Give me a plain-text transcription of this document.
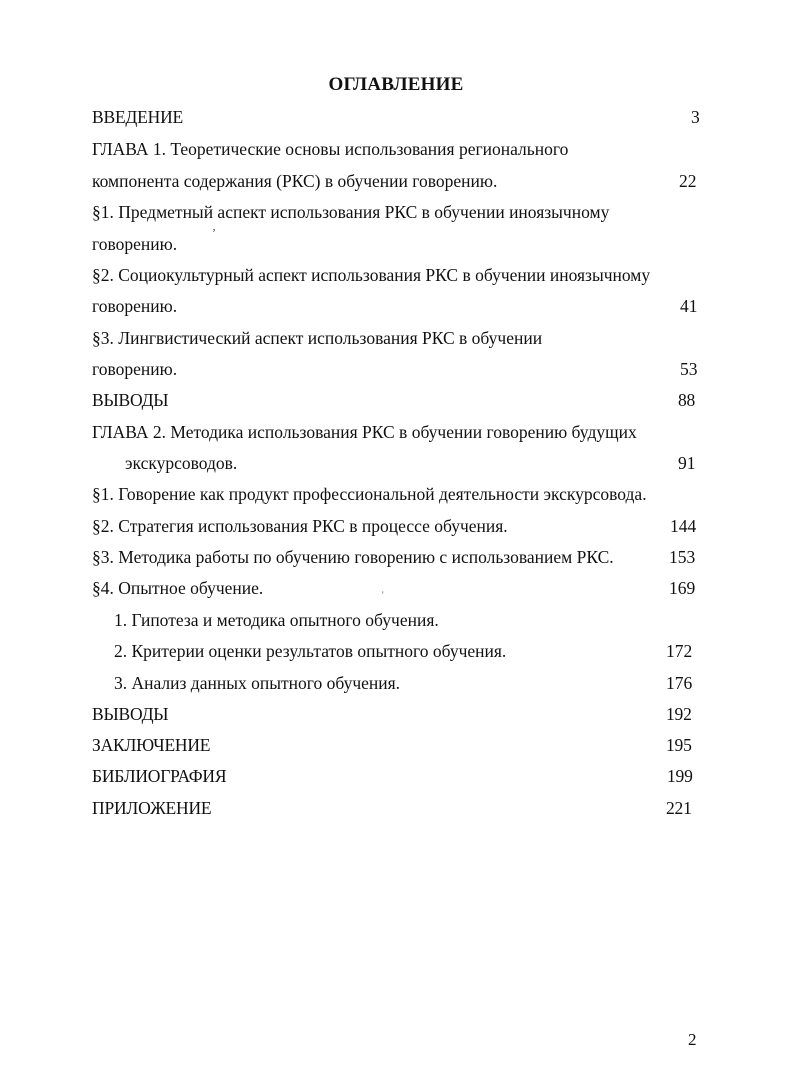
ОГЛАВЛЕНИЕ
ВВЕДЕНИЕ	3
ГЛАВА 1. Теоретические основы использования регионального
компонента содержания (РКС) в обучении говорению.	22
§1. Предметный аспект использования РКС в обучении иноязычному
говорению.
ʼ
§2. Социокультурный аспект использования РКС в обучении иноязычному
говорению.	41
§3. Лингвистический аспект использования РКС в обучении
говорению.	53
ВЫВОДЫ	88
ГЛАВА 2. Методика использования РКС в обучении говорению будущих
экскурсоводов.	91
§1. Говорение как продукт профессиональной деятельности экскурсовода.
§2. Стратегия использования РКС в процессе обучения.	144
§3. Методика работы по обучению говорению с использованием РКС.	153
§4. Опытное обучение.	169
'
1. Гипотеза и методика опытного обучения.
2. Критерии оценки результатов опытного обучения.	172
3. Анализ данных опытного обучения.	176
ВЫВОДЫ	192
ЗАКЛЮЧЕНИЕ	195
БИБЛИОГРАФИЯ	199
ПРИЛОЖЕНИЕ	221
2
